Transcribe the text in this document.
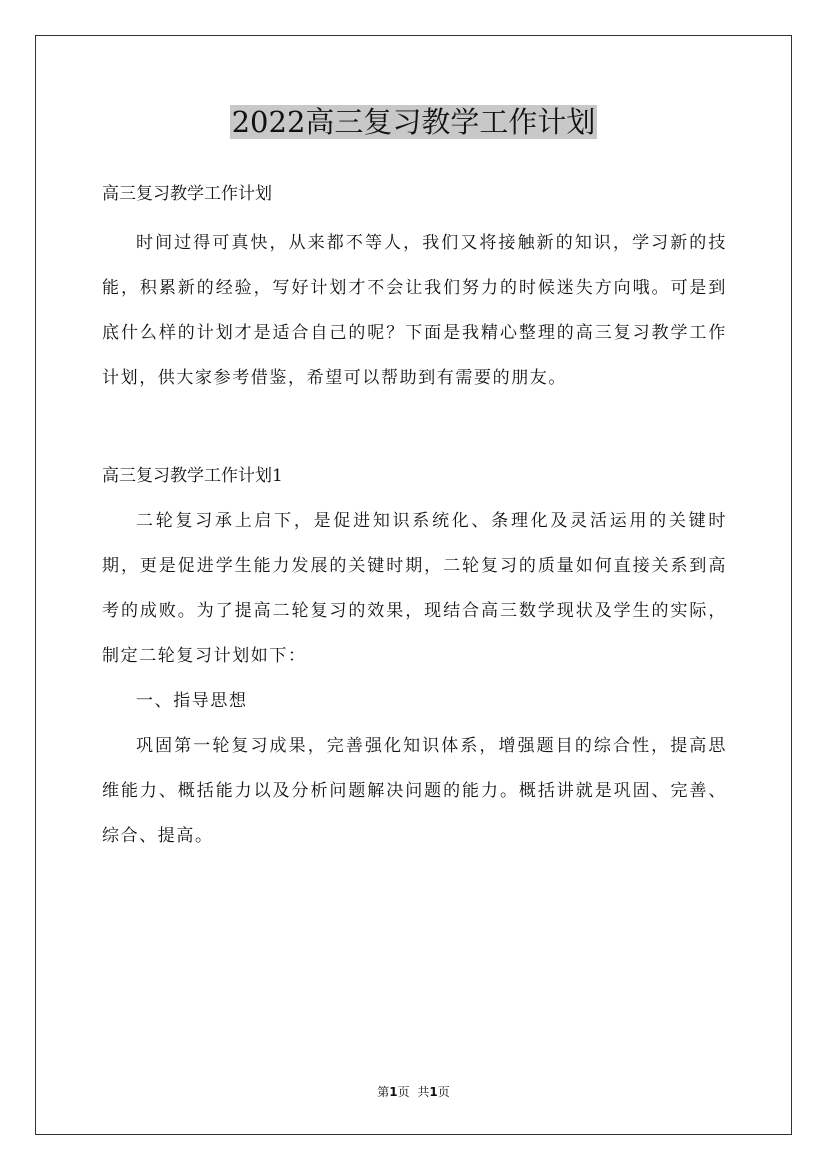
2022高三复习教学工作计划

高三复习教学工作计划

时间过得可真快，从来都不等人，我们又将接触新的知识，学习新的技能，积累新的经验，写好计划才不会让我们努力的时候迷失方向哦。可是到底什么样的计划才是适合自己的呢？下面是我精心整理的高三复习教学工作计划，供大家参考借鉴，希望可以帮助到有需要的朋友。

高三复习教学工作计划1

二轮复习承上启下，是促进知识系统化、条理化及灵活运用的关键时期，更是促进学生能力发展的关键时期，二轮复习的质量如何直接关系到高考的成败。为了提高二轮复习的效果，现结合高三数学现状及学生的实际，制定二轮复习计划如下：

一、指导思想

巩固第一轮复习成果，完善强化知识体系，增强题目的综合性，提高思维能力、概括能力以及分析问题解决问题的能力。概括讲就是巩固、完善、综合、提高。

第1页 共1页
